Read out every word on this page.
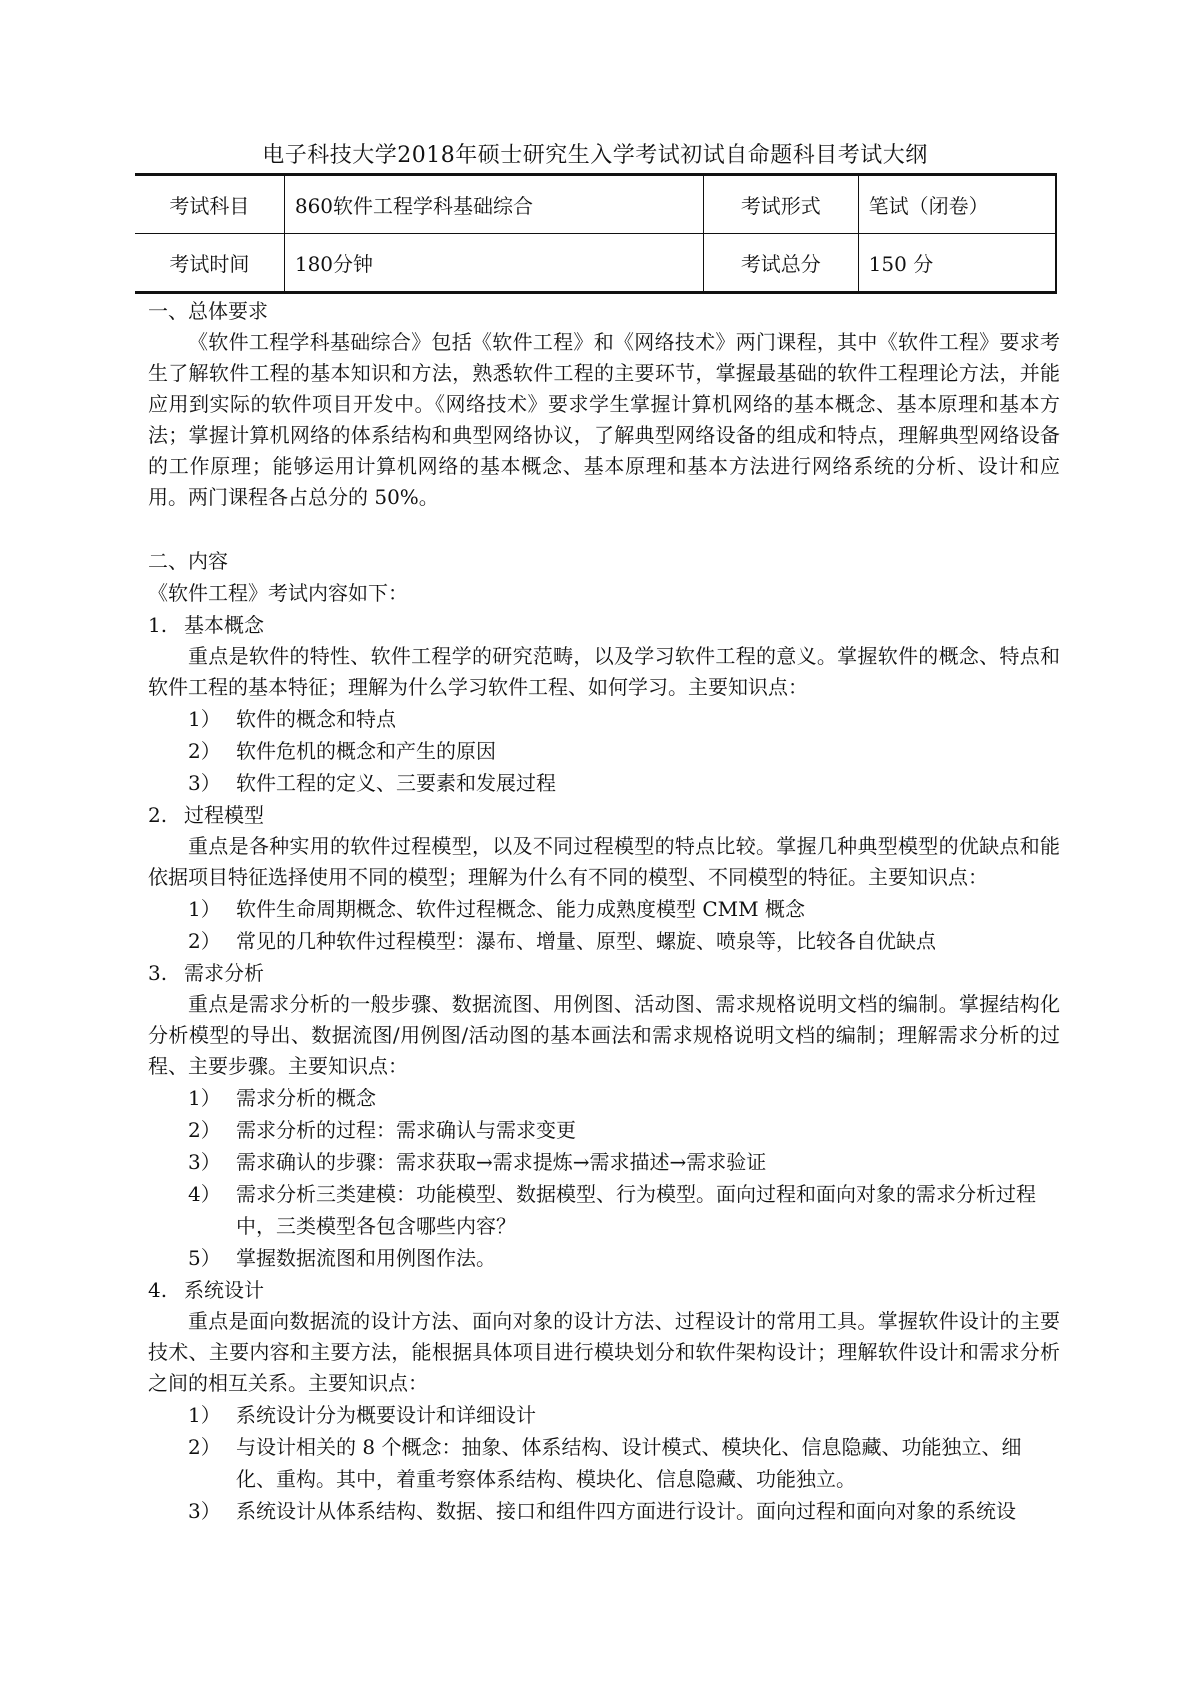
电子科技大学2018年硕士研究生入学考试初试自命题科目考试大纲
考试科目	860软件工程学科基础综合	考试形式	笔试（闭卷）
考试时间	180分钟	考试总分	150 分
一、总体要求
《软件工程学科基础综合》包括《软件工程》和《网络技术》两门课程，其中《软件工程》要求考生了解软件工程的基本知识和方法，熟悉软件工程的主要环节，掌握最基础的软件工程理论方法，并能应用到实际的软件项目开发中。《网络技术》要求学生掌握计算机网络的基本概念、基本原理和基本方法；掌握计算机网络的体系结构和典型网络协议，了解典型网络设备的组成和特点，理解典型网络设备的工作原理；能够运用计算机网络的基本概念、基本原理和基本方法进行网络系统的分析、设计和应用。两门课程各占总分的 50%。
二、内容
《软件工程》考试内容如下：
1. 基本概念
重点是软件的特性、软件工程学的研究范畴，以及学习软件工程的意义。掌握软件的概念、特点和软件工程的基本特征；理解为什么学习软件工程、如何学习。主要知识点：
1） 软件的概念和特点
2） 软件危机的概念和产生的原因
3） 软件工程的定义、三要素和发展过程
2. 过程模型
重点是各种实用的软件过程模型，以及不同过程模型的特点比较。掌握几种典型模型的优缺点和能依据项目特征选择使用不同的模型；理解为什么有不同的模型、不同模型的特征。主要知识点：
1） 软件生命周期概念、软件过程概念、能力成熟度模型 CMM 概念
2） 常见的几种软件过程模型：瀑布、增量、原型、螺旋、喷泉等，比较各自优缺点
3. 需求分析
重点是需求分析的一般步骤、数据流图、用例图、活动图、需求规格说明文档的编制。掌握结构化分析模型的导出、数据流图/用例图/活动图的基本画法和需求规格说明文档的编制；理解需求分析的过程、主要步骤。主要知识点：
1） 需求分析的概念
2） 需求分析的过程：需求确认与需求变更
3） 需求确认的步骤：需求获取→需求提炼→需求描述→需求验证
4） 需求分析三类建模：功能模型、数据模型、行为模型。面向过程和面向对象的需求分析过程中，三类模型各包含哪些内容？
5） 掌握数据流图和用例图作法。
4. 系统设计
重点是面向数据流的设计方法、面向对象的设计方法、过程设计的常用工具。掌握软件设计的主要技术、主要内容和主要方法，能根据具体项目进行模块划分和软件架构设计；理解软件设计和需求分析之间的相互关系。主要知识点：
1） 系统设计分为概要设计和详细设计
2） 与设计相关的 8 个概念：抽象、体系结构、设计模式、模块化、信息隐藏、功能独立、细化、重构。其中，着重考察体系结构、模块化、信息隐藏、功能独立。
3） 系统设计从体系结构、数据、接口和组件四方面进行设计。面向过程和面向对象的系统设
